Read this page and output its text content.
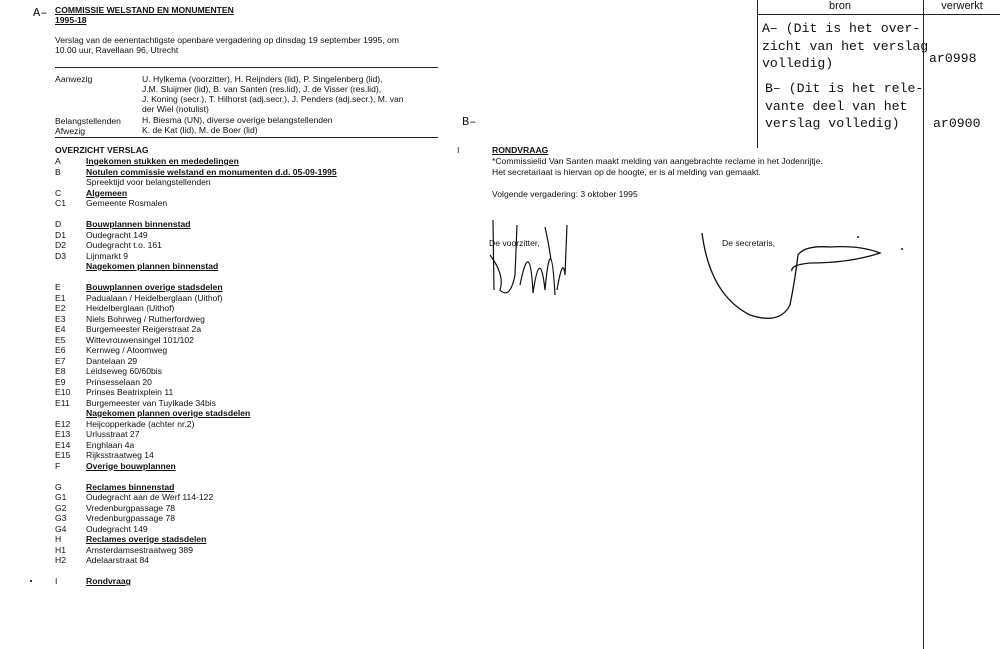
A– COMMISSIE WELSTAND EN MONUMENTEN
1995-18
Verslag van de eenentachtigste openbare vergadering op dinsdag 19 september 1995, om
10.00 uur, Ravellaan 96, Utrecht
Aanwezig	U. Hylkema (voorzitter), H. Reijnders (lid), P. Singelenberg (lid),
J.M. Sluijmer (lid), B. van Santen (res.lid), J. de Visser (res.lid),
J. Koning (secr.), T. Hilhorst (adj.secr.), J. Penders (adj.secr.), M. van
der Wiel (notulist)
Belangstellenden H. Biesma (UN), diverse overige belangstellenden
Afwezig	K. de Kat (lid), M. de Boer (lid)
OVERZICHT VERSLAG
A	Ingekomen stukken en mededelingen
B	Notulen commissie welstand en monumenten d.d. 05-09-1995
Spreektijd voor belangstellenden
C	Algemeen
C1	Gemeente Rosmalen
D	Bouwplannen binnenstad
D1	Oudegracht 149
D2	Oudegracht t.o. 161
D3	Lijnmarkt 9
Nagekomen plannen binnenstad
E	Bouwplannen overige stadsdelen
E1	Padualaan / Heidelberglaan (Uithof)
E2	Heidelberglaan (Uithof)
E3	Niels Bohrweg / Rutherfordweg
E4	Burgemeester Reigerstraat 2a
E5	Wittevrouwensingel 101/102
E6	Kernweg / Atoomweg
E7	Dantelaan 29
E8	Leidseweg 60/60bis
E9	Prinsesselaan 20
E10	Prinses Beatrixplein 11
E11	Burgemeester van Tuylkade 34bis
Nagekomen plannen overige stadsdelen
E12	Heijcopperkade (achter nr.2)
E13	Urlusstraat 27
E14	Enghlaan 4a
E15	Rijksstraatweg 14
F	Overige bouwplannen
G	Reclames binnenstad
G1	Oudegracht aan de Werf 114-122
G2	Vredenburgpassage 78
G3	Vredenburgpassage 78
G4	Oudegracht 149
H	Reclames overige stadsdelen
H1	Amsterdamsestraatweg 389
H2	Adelaarstraat 84
I	Rondvraag
B–
I	RONDVRAAG
*Commissielid Van Santen maakt melding van aangebrachte reclame in het Jodenrijtje.
Het secretariaat is hiervan op de hoogte, er is al melding van gemaakt.
Volgende vergadering: 3 oktober 1995
De voorzitter,	De secretaris,
bron	verwerkt
A– (Dit is het over-
zicht van het verslag
volledig)
B– (Dit is het rele-
vante deel van het
verslag volledig)
ar0998
ar0900
